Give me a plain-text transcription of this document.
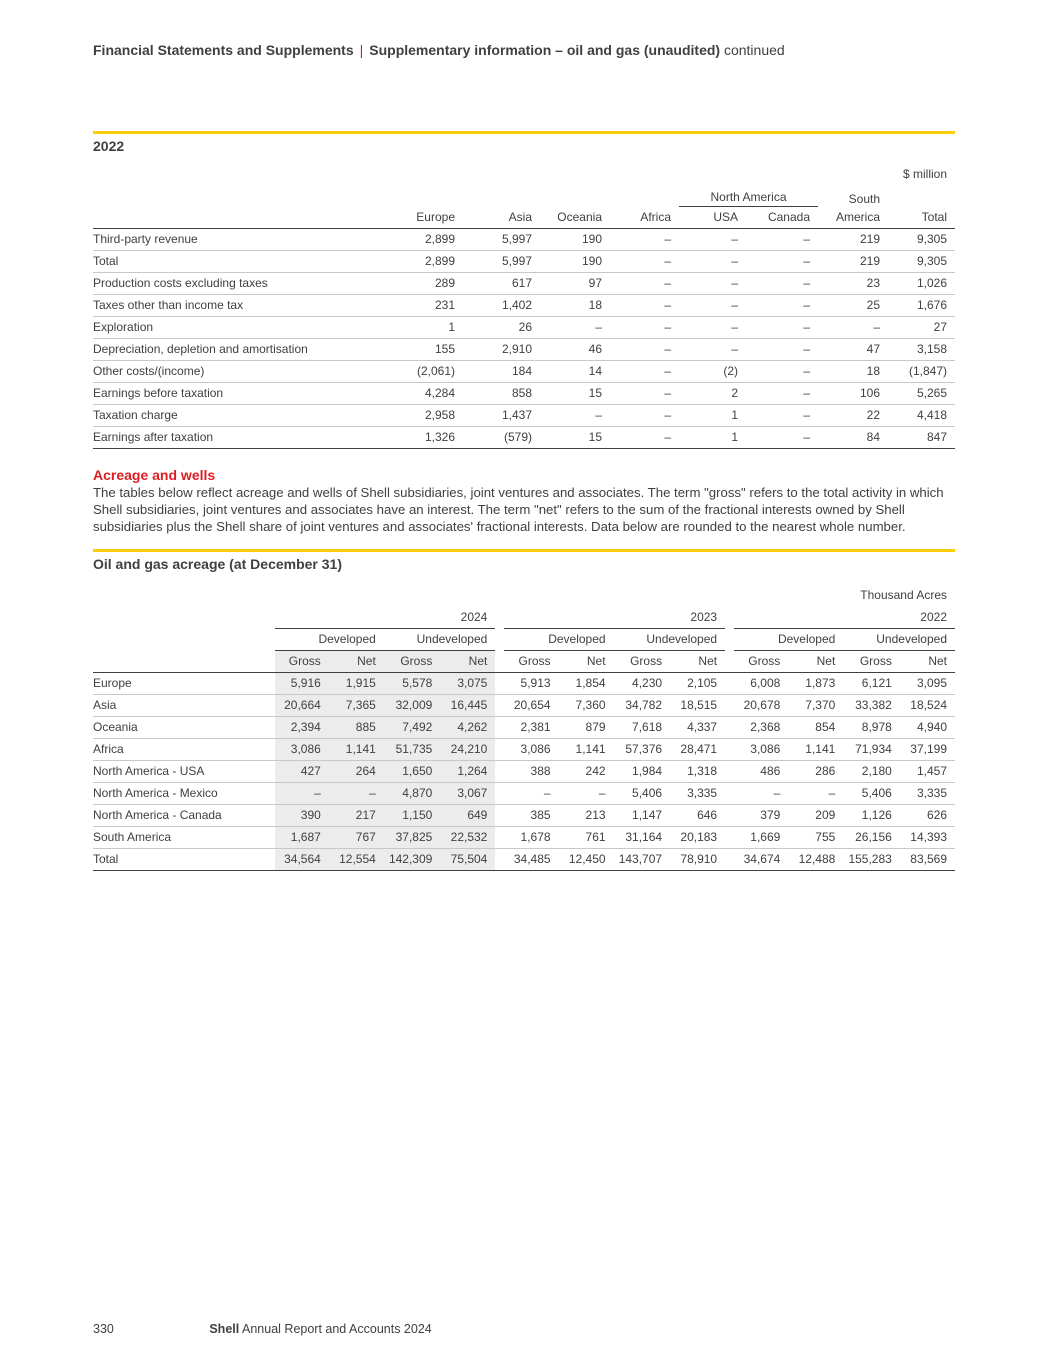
Financial Statements and Supplements | Supplementary information – oil and gas (unaudited) continued
2022
								$ million
					North America		South	
	Europe	Asia	Oceania	Africa	USA	Canada	America	Total
Third-party revenue	2,899	5,997	190	–	–	–	219	9,305
Total	2,899	5,997	190	–	–	–	219	9,305
Production costs excluding taxes	289	617	97	–	–	–	23	1,026
Taxes other than income tax	231	1,402	18	–	–	–	25	1,676
Exploration	1	26	–	–	–	–	–	27
Depreciation, depletion and amortisation	155	2,910	46	–	–	–	47	3,158
Other costs/(income)	(2,061)	184	14	–	(2)	–	18	(1,847)
Earnings before taxation	4,284	858	15	–	2	–	106	5,265
Taxation charge	2,958	1,437	–	–	1	–	22	4,418
Earnings after taxation	1,326	(579)	15	–	1	–	84	847
Acreage and wells
The tables below reflect acreage and wells of Shell subsidiaries, joint ventures and associates. The term "gross" refers to the total activity in which Shell subsidiaries, joint ventures and associates have an interest. The term "net" refers to the sum of the fractional interests owned by Shell subsidiaries plus the Shell share of joint ventures and associates' fractional interests. Data below are rounded to the nearest whole number.
Oil and gas acreage (at December 31)
Thousand Acres														
	2024					2023					2022			
	Developed		Undeveloped			Developed		Undeveloped			Developed		Undeveloped	
	Gross	Net	Gross	Net		Gross	Net	Gross	Net		Gross	Net	Gross	Net
Europe	5,916	1,915	5,578	3,075		5,913	1,854	4,230	2,105		6,008	1,873	6,121	3,095
Asia	20,664	7,365	32,009	16,445		20,654	7,360	34,782	18,515		20,678	7,370	33,382	18,524
Oceania	2,394	885	7,492	4,262		2,381	879	7,618	4,337		2,368	854	8,978	4,940
Africa	3,086	1,141	51,735	24,210		3,086	1,141	57,376	28,471		3,086	1,141	71,934	37,199
North America - USA	427	264	1,650	1,264		388	242	1,984	1,318		486	286	2,180	1,457
North America - Mexico	–	–	4,870	3,067		–	–	5,406	3,335		–	–	5,406	3,335
North America - Canada	390	217	1,150	649		385	213	1,147	646		379	209	1,126	626
South America	1,687	767	37,825	22,532		1,678	761	31,164	20,183		1,669	755	26,156	14,393
Total	34,564	12,554	142,309	75,504		34,485	12,450	143,707	78,910		34,674	12,488	155,283	83,569
330	Shell Annual Report and Accounts 2024
